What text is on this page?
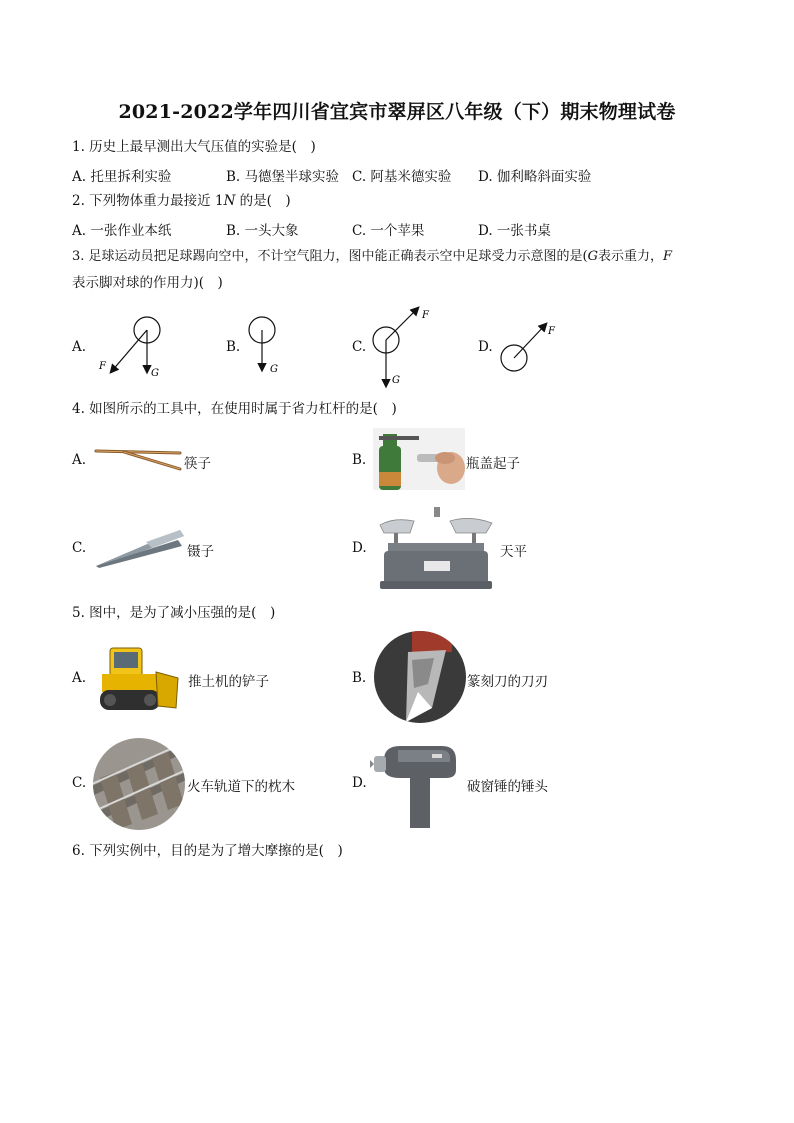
2021-2022学年四川省宜宾市翠屏区八年级（下）期末物理试卷
1. 历史上最早测出大气压值的实验是(　)
A. 托里拆利实验	B. 马德堡半球实验 C. 阿基米德实验 D. 伽利略斜面实验
2. 下列物体重力最接近 1N 的是(　)
A. 一张作业本纸	B. 一头大象	C. 一个苹果	D. 一张书桌
3. 足球运动员把足球踢向空中，不计空气阻力，图中能正确表示空中足球受力示意图的是(G表示重力，F
表示脚对球的作用力)(　)
A.	B.	C.	D.
F
G	G
F
G
F
4. 如图所示的工具中，在使用时属于省力杠杆的是(　)
A.	筷子	B.	瓶盖起子
C.	镊子	D.	天平
5. 图中，是为了减小压强的是(　)
A.	推土机的铲子	B.	篆刻刀的刀刃
C.	火车轨道下的枕木	D.	破窗锤的锤头
6. 下列实例中，目的是为了增大摩擦的是(　)
